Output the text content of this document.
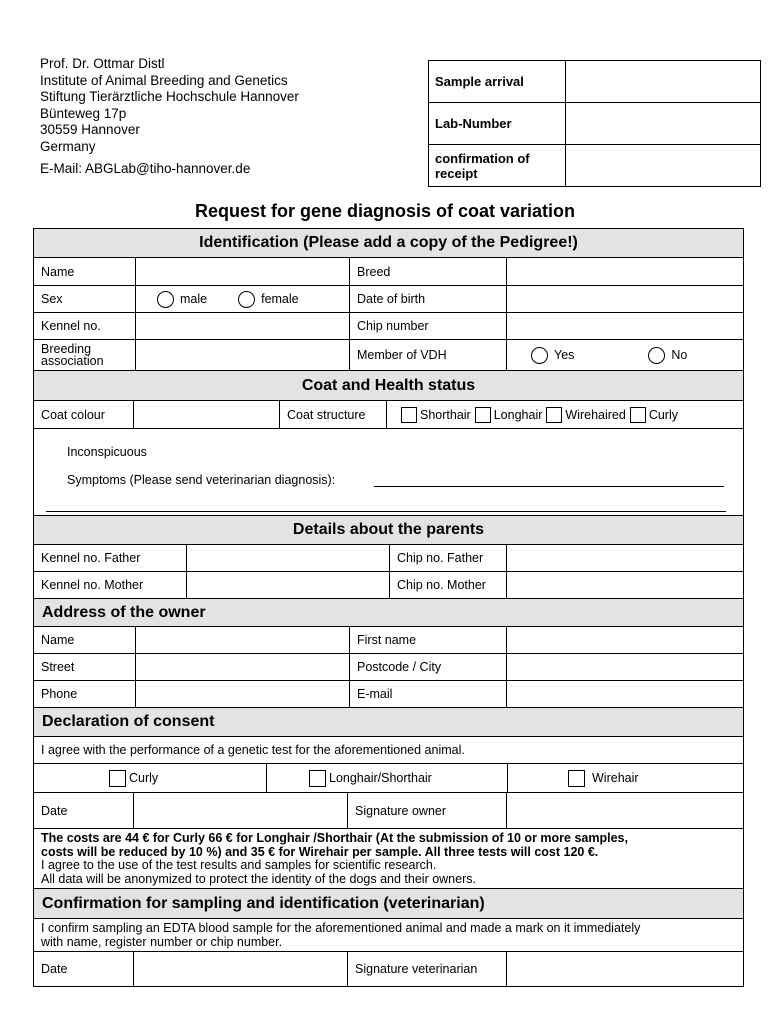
Prof. Dr. Ottmar Distl
Institute of Animal Breeding and Genetics
Stiftung Tierärztliche Hochschule Hannover
Bünteweg 17p
30559 Hannover
Germany
E-Mail: ABGLab@tiho-hannover.de
Sample arrival	
Lab-Number	
confirmation of
receipt	
Request for gene diagnosis of coat variation
Identification (Please add a copy of the Pedigree!)
Name	Breed
Sex	male	female	Date of birth
Kennel no.	Chip number
Breeding
association	Member of VDH	Yes	No
Coat and Health status
Coat colour	Coat structure	Shorthair Longhair Wirehaired Curly
Inconspicuous
Symptoms (Please send veterinarian diagnosis):
Details about the parents
Kennel no. Father	Chip no. Father
Kennel no. Mother	Chip no. Mother
Address of the owner
Name	First name
Street	Postcode / City
Phone	E-mail
Declaration of consent
I agree with the performance of a genetic test for the aforementioned animal.
Curly	Longhair/Shorthair	Wirehair
Date	Signature owner
The costs are 44 € for Curly 66 € for Longhair /Shorthair (At the submission of 10 or more samples,
costs will be reduced by 10 %) and 35 € for Wirehair per sample. All three tests will cost 120 €.
I agree to the use of the test results and samples for scientific research.
All data will be anonymized to protect the identity of the dogs and their owners.
Confirmation for sampling and identification (veterinarian)
I confirm sampling an EDTA blood sample for the aforementioned animal and made a mark on it immediately
with name, register number or chip number.
Date	Signature veterinarian
